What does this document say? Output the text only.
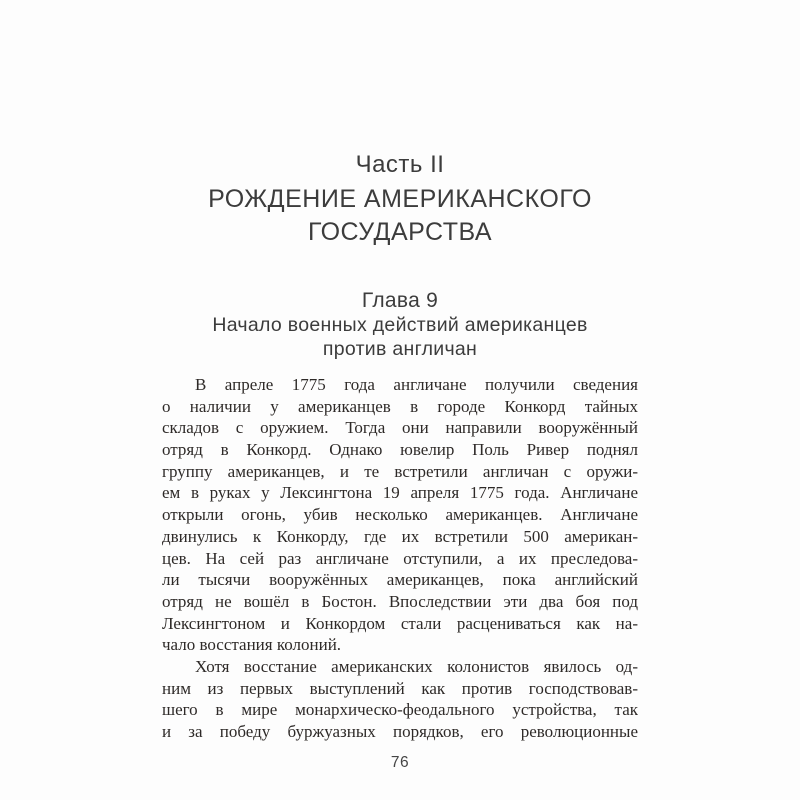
Часть II
РОЖДЕНИЕ АМЕРИКАНСКОГО
ГОСУДАРСТВА
Глава 9
Начало военных действий американцев
против англичан
В апреле 1775 года англичане получили сведения
о наличии у американцев в городе Конкорд тайных
складов с оружием. Тогда они направили вооружённый
отряд в Конкорд. Однако ювелир Поль Ривер поднял
группу американцев, и те встретили англичан с оружи-
ем в руках у Лексингтона 19 апреля 1775 года. Англичане
открыли огонь, убив несколько американцев. Англичане
двинулись к Конкорду, где их встретили 500 американ-
цев. На сей раз англичане отступили, а их преследова-
ли тысячи вооружённых американцев, пока английский
отряд не вошёл в Бостон. Впоследствии эти два боя под
Лексингтоном и Конкордом стали расцениваться как на-
чало восстания колоний.
Хотя восстание американских колонистов явилось од-
ним из первых выступлений как против господствовав-
шего в мире монархическо-феодального устройства, так
и за победу буржуазных порядков, его революционные
76
